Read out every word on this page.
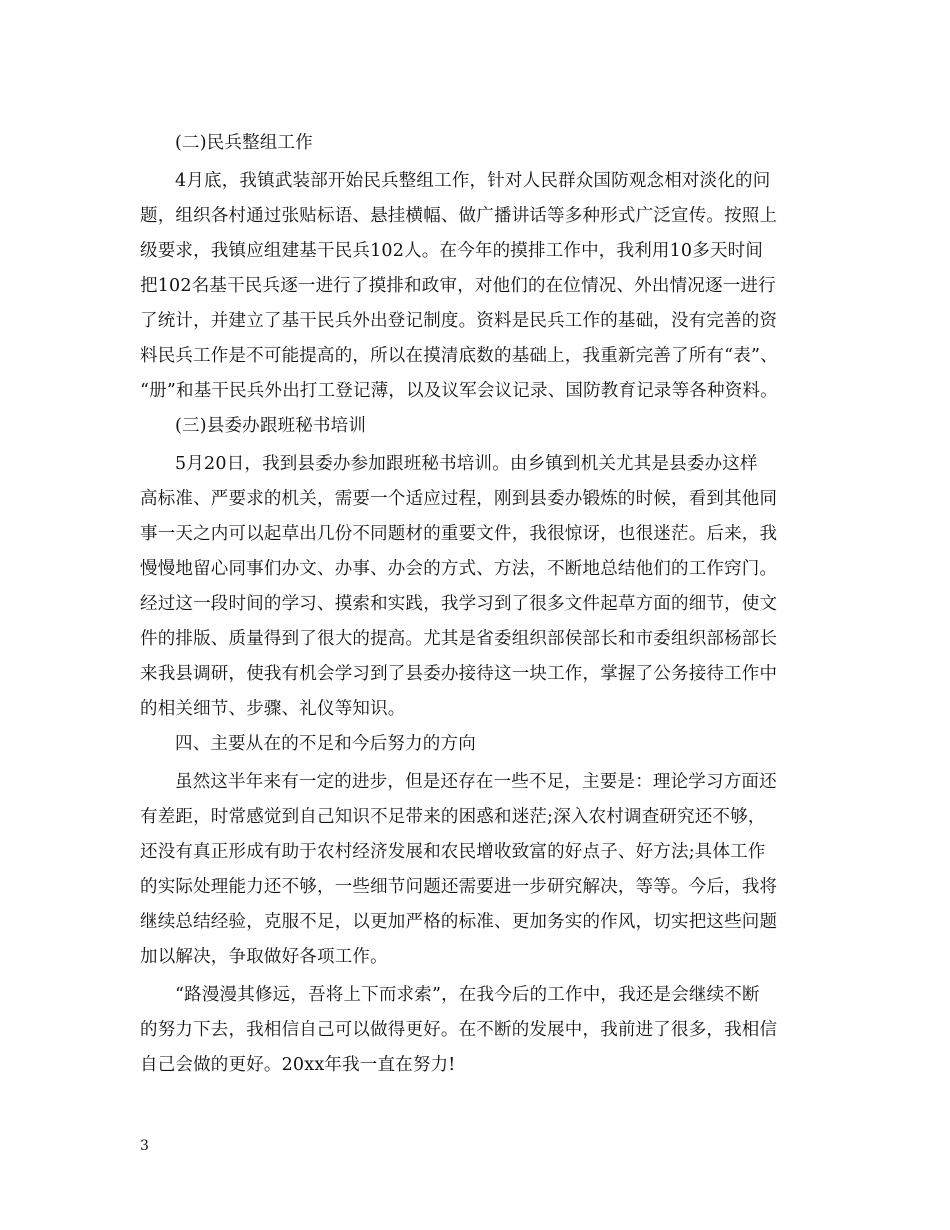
(二)民兵整组工作
4月底，我镇武装部开始民兵整组工作，针对人民群众国防观念相对淡化的问
题，组织各村通过张贴标语、悬挂横幅、做广播讲话等多种形式广泛宣传。按照上
级要求，我镇应组建基干民兵102人。在今年的摸排工作中，我利用10多天时间
把102名基干民兵逐一进行了摸排和政审，对他们的在位情况、外出情况逐一进行
了统计，并建立了基干民兵外出登记制度。资料是民兵工作的基础，没有完善的资
料民兵工作是不可能提高的，所以在摸清底数的基础上，我重新完善了所有“表”、
“册”和基干民兵外出打工登记薄，以及议军会议记录、国防教育记录等各种资料。
(三)县委办跟班秘书培训
5月20日，我到县委办参加跟班秘书培训。由乡镇到机关尤其是县委办这样
高标准、严要求的机关，需要一个适应过程，刚到县委办锻炼的时候，看到其他同
事一天之内可以起草出几份不同题材的重要文件，我很惊讶，也很迷茫。后来，我
慢慢地留心同事们办文、办事、办会的方式、方法，不断地总结他们的工作窍门。
经过这一段时间的学习、摸索和实践，我学习到了很多文件起草方面的细节，使文
件的排版、质量得到了很大的提高。尤其是省委组织部侯部长和市委组织部杨部长
来我县调研，使我有机会学习到了县委办接待这一块工作，掌握了公务接待工作中
的相关细节、步骤、礼仪等知识。
四、主要从在的不足和今后努力的方向
虽然这半年来有一定的进步，但是还存在一些不足，主要是：理论学习方面还
有差距，时常感觉到自己知识不足带来的困惑和迷茫;深入农村调查研究还不够，
还没有真正形成有助于农村经济发展和农民增收致富的好点子、好方法;具体工作
的实际处理能力还不够，一些细节问题还需要进一步研究解决，等等。今后，我将
继续总结经验，克服不足，以更加严格的标准、更加务实的作风，切实把这些问题
加以解决，争取做好各项工作。
“路漫漫其修远，吾将上下而求索”，在我今后的工作中，我还是会继续不断
的努力下去，我相信自己可以做得更好。在不断的发展中，我前进了很多，我相信
自己会做的更好。20xx年我一直在努力!
3
